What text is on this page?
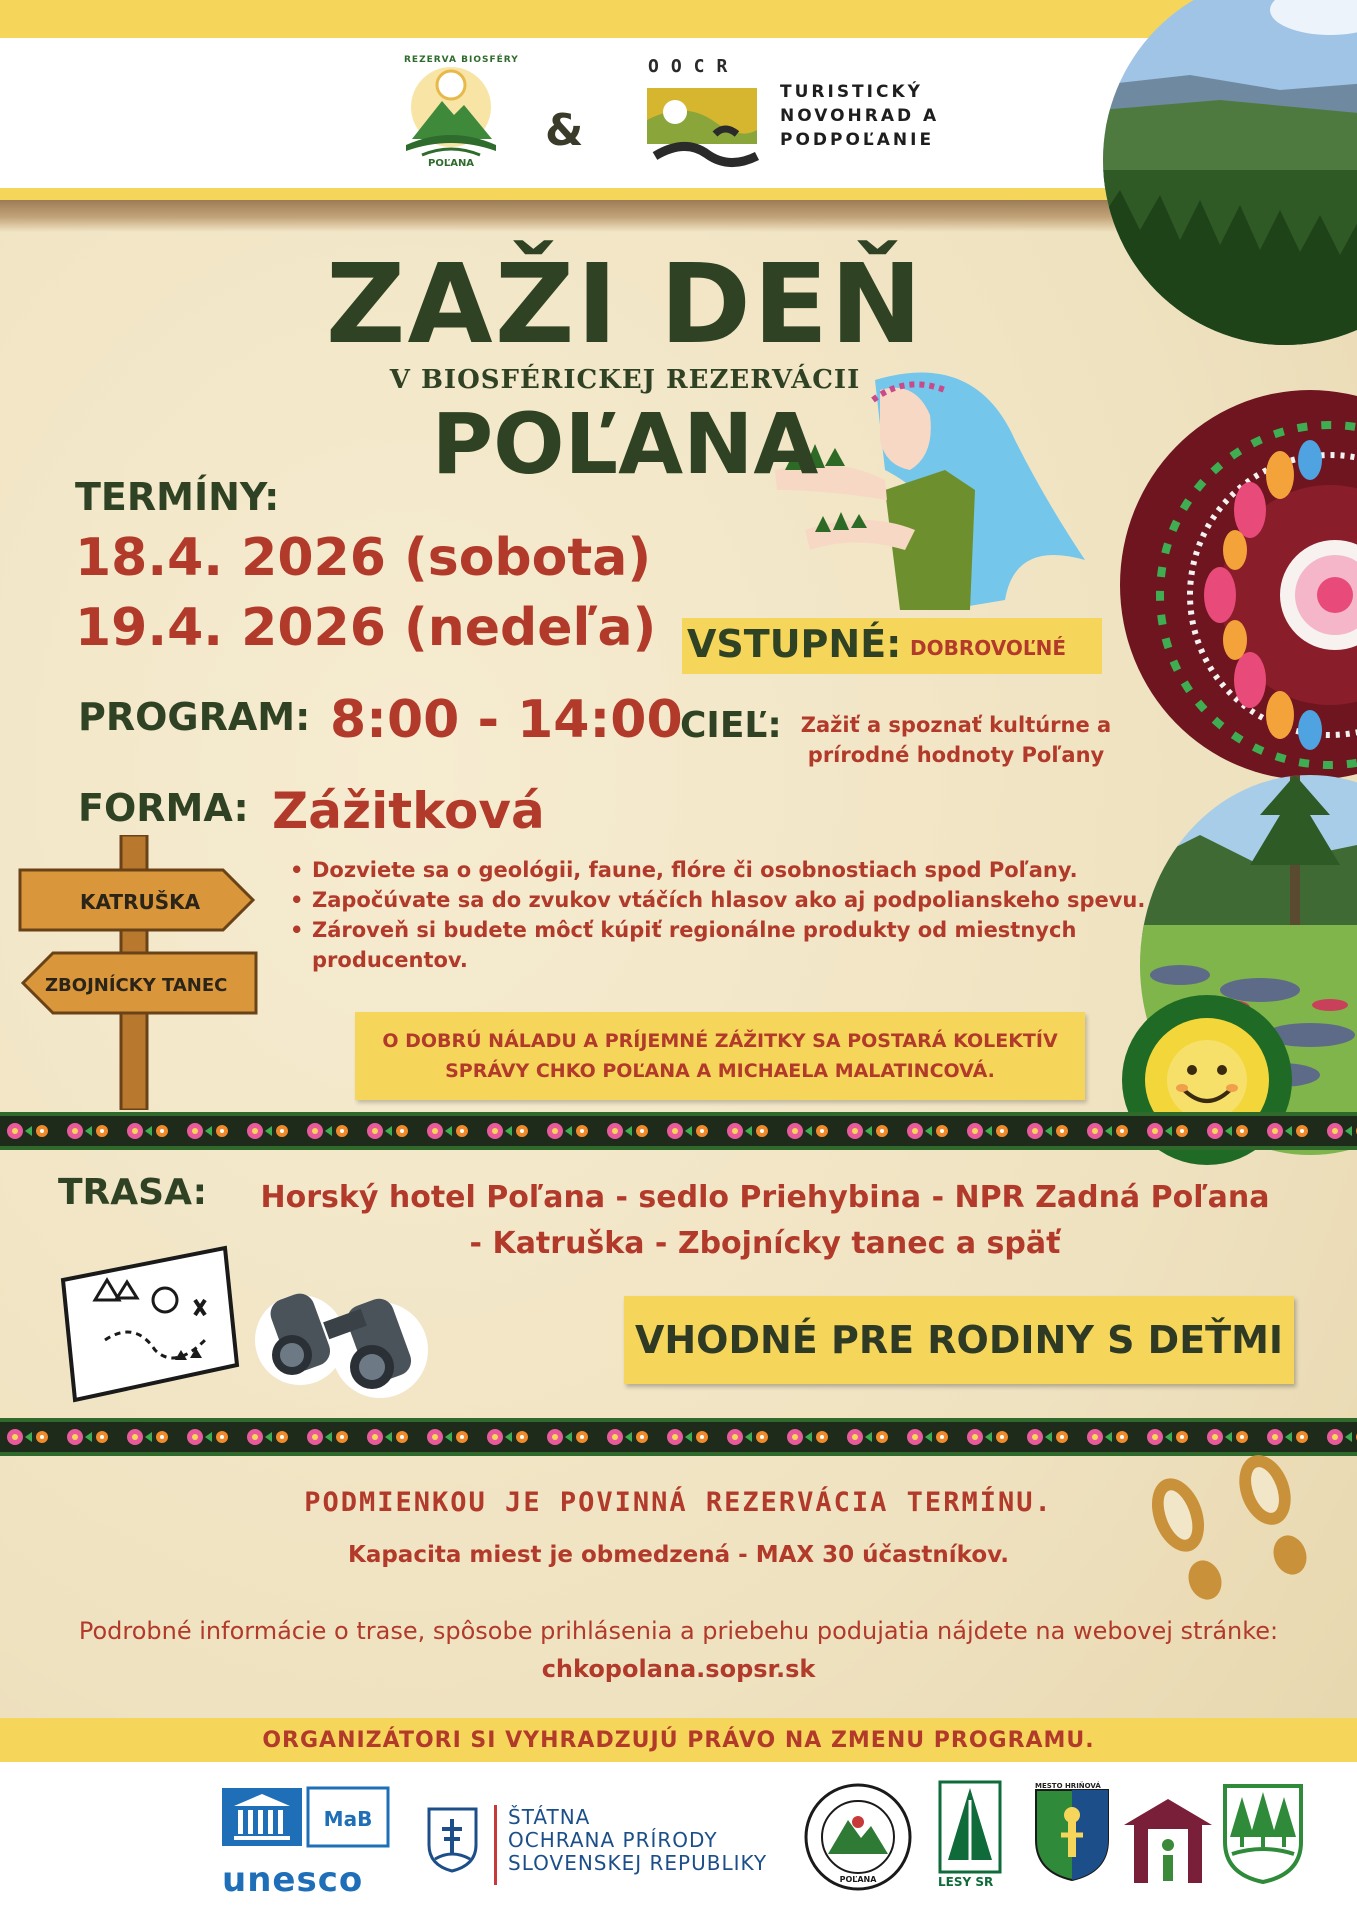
REZERVA BIOSFÉRY
POĽANA
&
OOCR
TURISTICKÝ
NOVOHRAD A
PODPOĽANIE
ZAŽI DEŇ
V BIOSFÉRICKEJ REZERVÁCII
POĽANA
TERMÍNY:
18.4. 2026 (sobota)
19.4. 2026 (nedeľa) VSTUPNÉ: DOBROVOĽNÉ
PROGRAM: 8:00 - 14:00
CIEĽ: Zažiť a spoznať kultúrne a
prírodné hodnoty Poľany
FORMA: Zážitková
• Dozviete sa o geológii, faune, flóre či osobnostiach spod Poľany.
• Započúvate sa do zvukov vtáčích hlasov ako aj podpolianskeho spevu.
• Zároveň si budete môcť kúpiť regionálne produkty od miestnych producentov.
KATRUŠKA
ZBOJNÍCKY TANEC
O DOBRÚ NÁLADU A PRÍJEMNÉ ZÁŽITKY SA POSTARÁ KOLEKTÍV
SPRÁVY CHKO POĽANA A MICHAELA MALATINCOVÁ.
TRASA:	Horský hotel Poľana - sedlo Priehybina - NPR Zadná Poľana
- Katruška - Zbojnícky tanec a späť
VHODNÉ PRE RODINY S DEŤMI
PODMIENKOU JE POVINNÁ REZERVÁCIA TERMÍNU.
Kapacita miest je obmedzená - MAX 30 účastníkov.
Podrobné informácie o trase, spôsobe prihlásenia a priebehu podujatia nájdete na webovej stránke:
chkopolana.sopsr.sk
ORGANIZÁTORI SI VYHRADZUJÚ PRÁVO NA ZMENU PROGRAMU.
MaB
unesco
ŠTÁTNA
OCHRANA PRÍRODY
SLOVENSKEJ REPUBLIKY
POĽANA	LESY SR
MESTO HRIŇOVÁ
